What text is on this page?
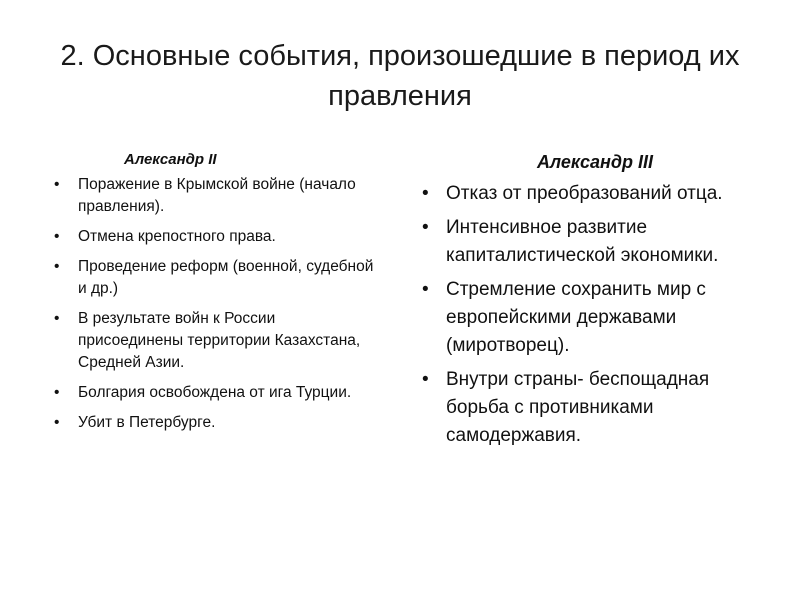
2. Основные события, произошедшие в период их правления
Александр II
• Поражение в Крымской войне (начало правления).
• Отмена крепостного права.
• Проведение реформ (военной, судебной и др.)
• В результате войн к России присоединены территории Казахстана, Средней Азии.
• Болгария освобождена от ига Турции.
• Убит в Петербурге.
Александр III
• Отказ от преобразований отца.
• Интенсивное развитие капиталистической экономики.
• Стремление сохранить мир с европейскими державами (миротворец).
• Внутри страны- беспощадная борьба с противниками самодержавия.
